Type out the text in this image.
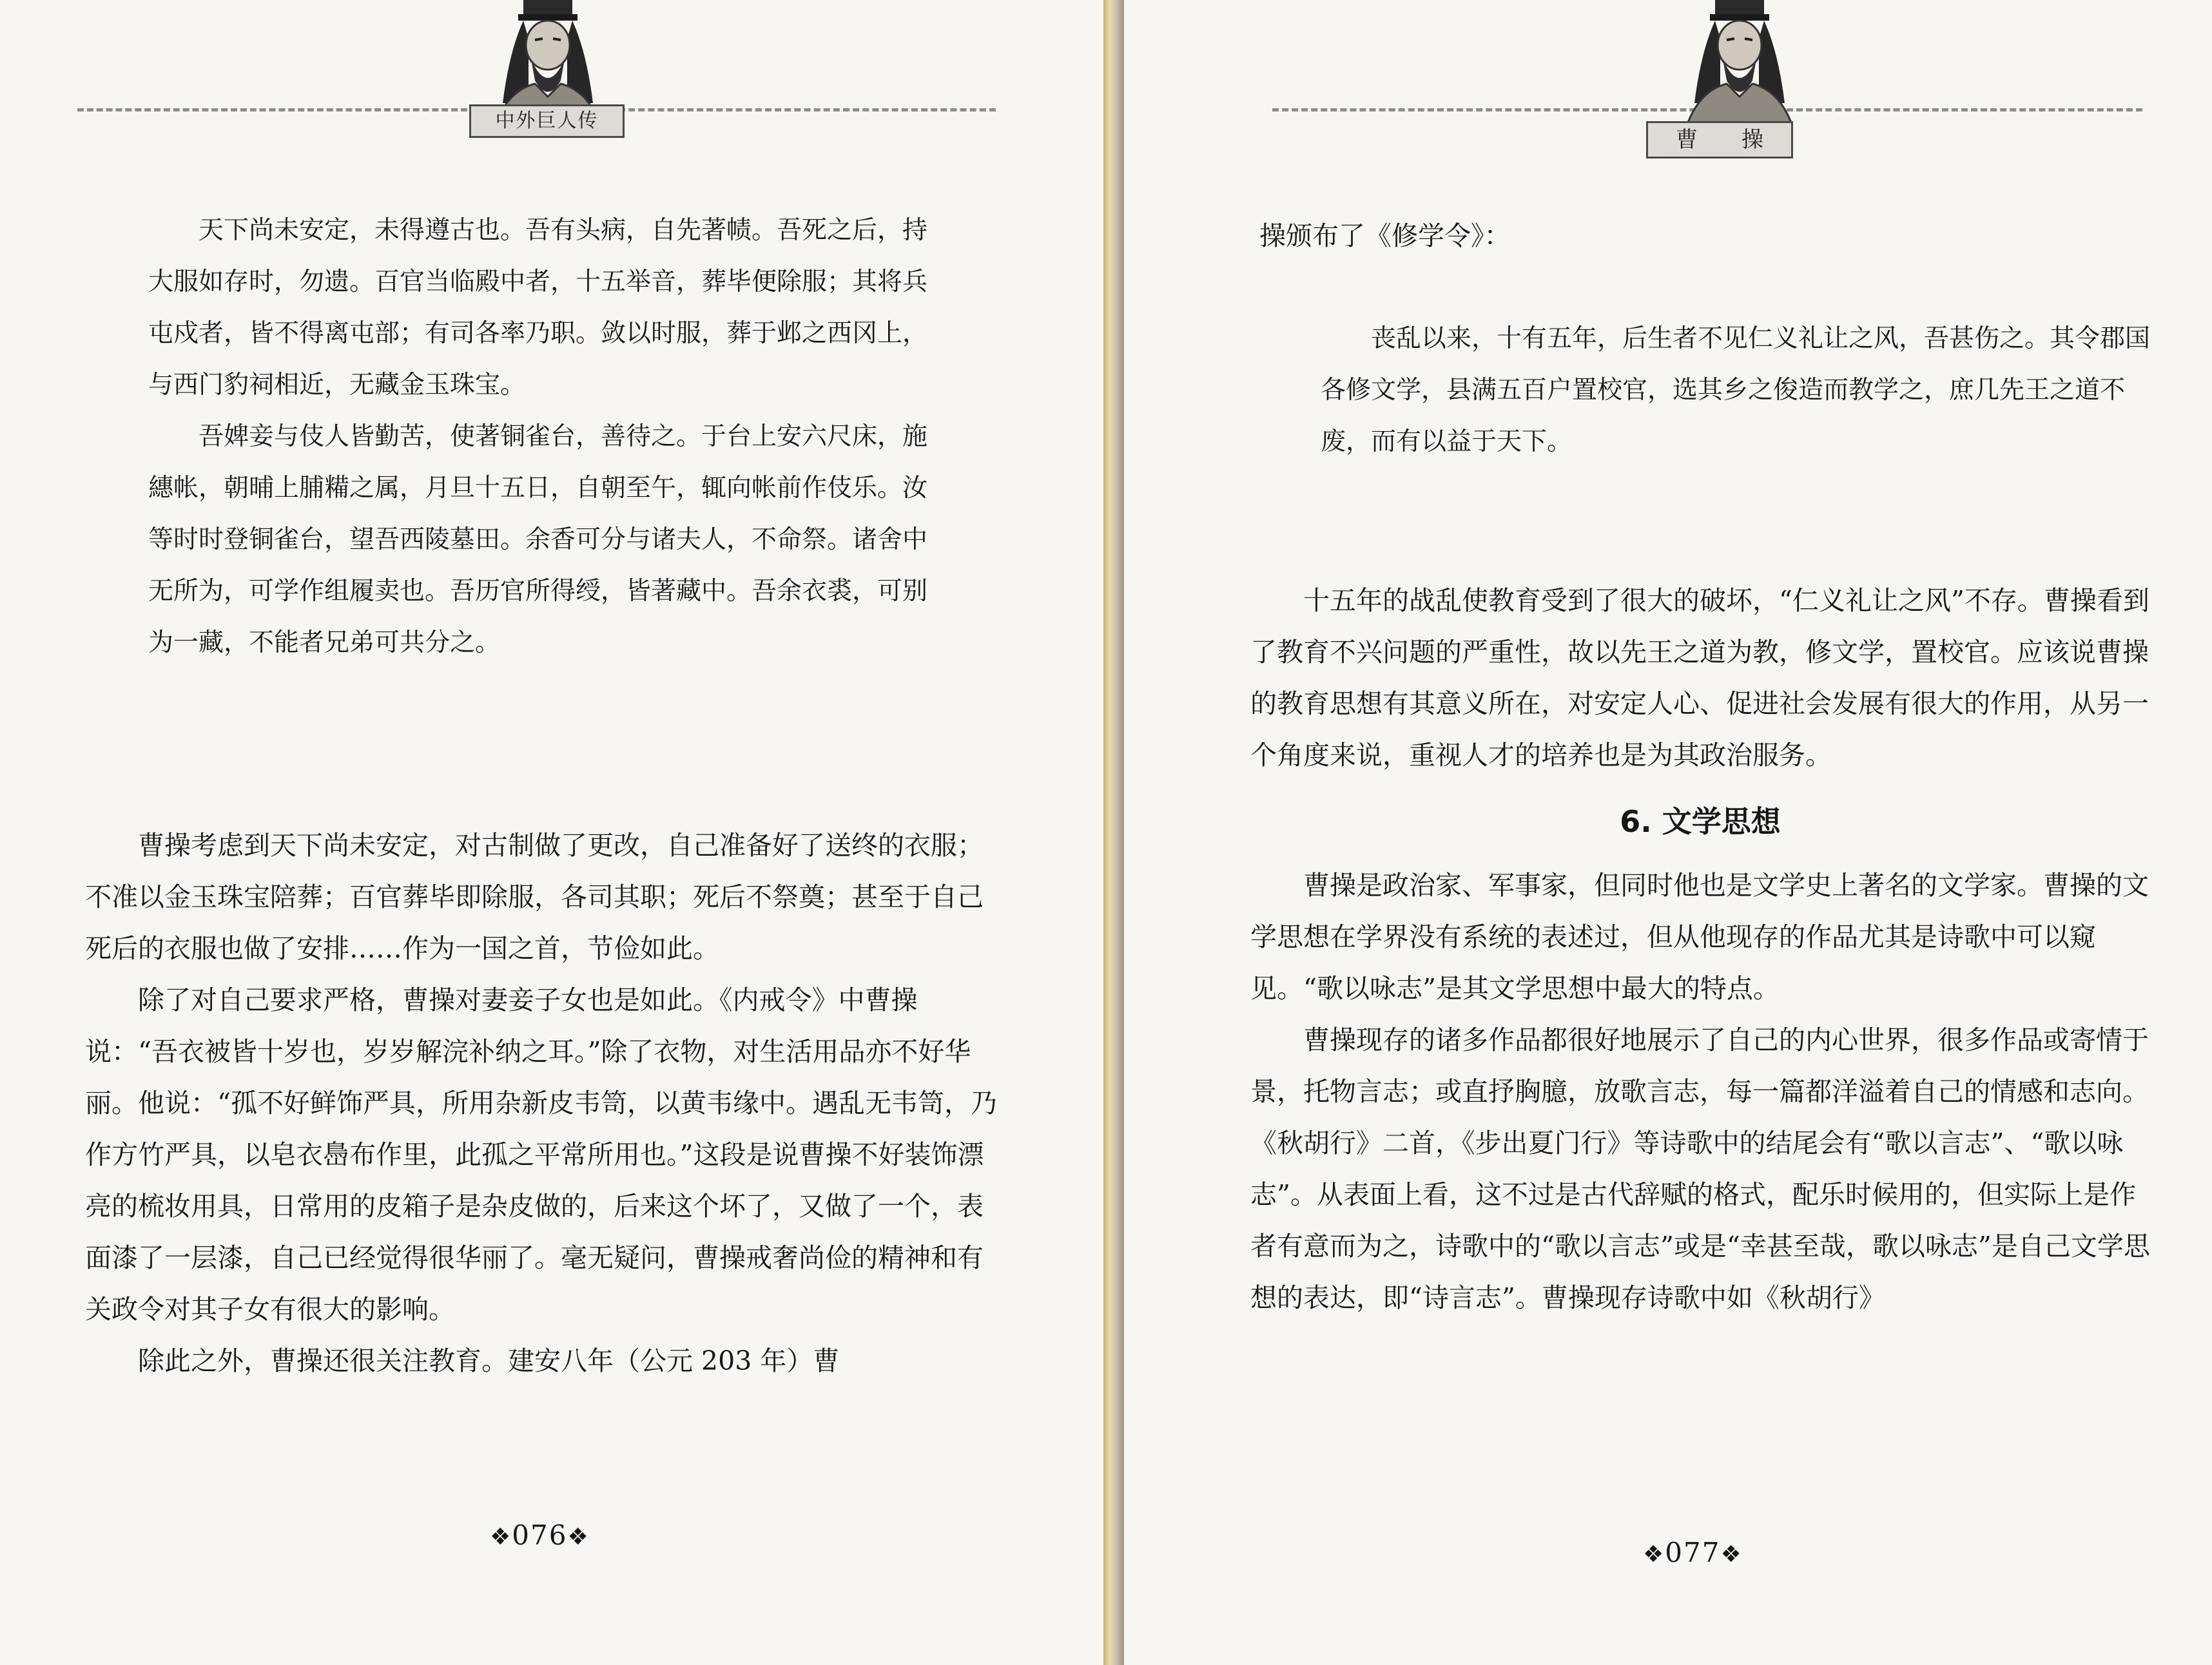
中外巨人传

天下尚未安定，未得遵古也。吾有头病，自先著帻。吾死之后，持大服如存时，勿遗。百官当临殿中者，十五举音，葬毕便除服；其将兵屯戍者，皆不得离屯部；有司各率乃职。敛以时服，葬于邺之西冈上，与西门豹祠相近，无藏金玉珠宝。

吾婢妾与伎人皆勤苦，使著铜雀台，善待之。于台上安六尺床，施繐帐，朝晡上脯糒之属，月旦十五日，自朝至午，辄向帐前作伎乐。汝等时时登铜雀台，望吾西陵墓田。余香可分与诸夫人，不命祭。诸舍中无所为，可学作组履卖也。吾历官所得绶，皆著藏中。吾余衣裘，可别为一藏，不能者兄弟可共分之。

曹操考虑到天下尚未安定，对古制做了更改，自己准备好了送终的衣服；不准以金玉珠宝陪葬；百官葬毕即除服，各司其职；死后不祭奠；甚至于自己死后的衣服也做了安排……作为一国之首，节俭如此。

除了对自己要求严格，曹操对妻妾子女也是如此。《内戒令》中曹操说：“吾衣被皆十岁也，岁岁解浣补纳之耳。”除了衣物，对生活用品亦不好华丽。他说：“孤不好鲜饰严具，所用杂新皮韦笥，以黄韦缘中。遇乱无韦笥，乃作方竹严具，以皂衣㠀布作里，此孤之平常所用也。”这段是说曹操不好装饰漂亮的梳妆用具，日常用的皮箱子是杂皮做的，后来这个坏了，又做了一个，表面漆了一层漆，自己已经觉得很华丽了。毫无疑问，曹操戒奢尚俭的精神和有关政令对其子女有很大的影响。

除此之外，曹操还很关注教育。建安八年（公元 203 年）曹

❖076❖
曹　　操

操颁布了《修学令》：

丧乱以来，十有五年，后生者不见仁义礼让之风，吾甚伤之。其令郡国各修文学，县满五百户置校官，选其乡之俊造而教学之，庶几先王之道不废，而有以益于天下。

十五年的战乱使教育受到了很大的破坏，“仁义礼让之风”不存。曹操看到了教育不兴问题的严重性，故以先王之道为教，修文学，置校官。应该说曹操的教育思想有其意义所在，对安定人心、促进社会发展有很大的作用，从另一个角度来说，重视人才的培养也是为其政治服务。

6. 文学思想

曹操是政治家、军事家，但同时他也是文学史上著名的文学家。曹操的文学思想在学界没有系统的表述过，但从他现存的作品尤其是诗歌中可以窥见。“歌以咏志”是其文学思想中最大的特点。

曹操现存的诸多作品都很好地展示了自己的内心世界，很多作品或寄情于景，托物言志；或直抒胸臆，放歌言志，每一篇都洋溢着自己的情感和志向。《秋胡行》二首，《步出夏门行》等诗歌中的结尾会有“歌以言志”、“歌以咏志”。从表面上看，这不过是古代辞赋的格式，配乐时候用的，但实际上是作者有意而为之，诗歌中的“歌以言志”或是“幸甚至哉，歌以咏志”是自己文学思想的表达，即“诗言志”。曹操现存诗歌中如《秋胡行》

❖077❖
